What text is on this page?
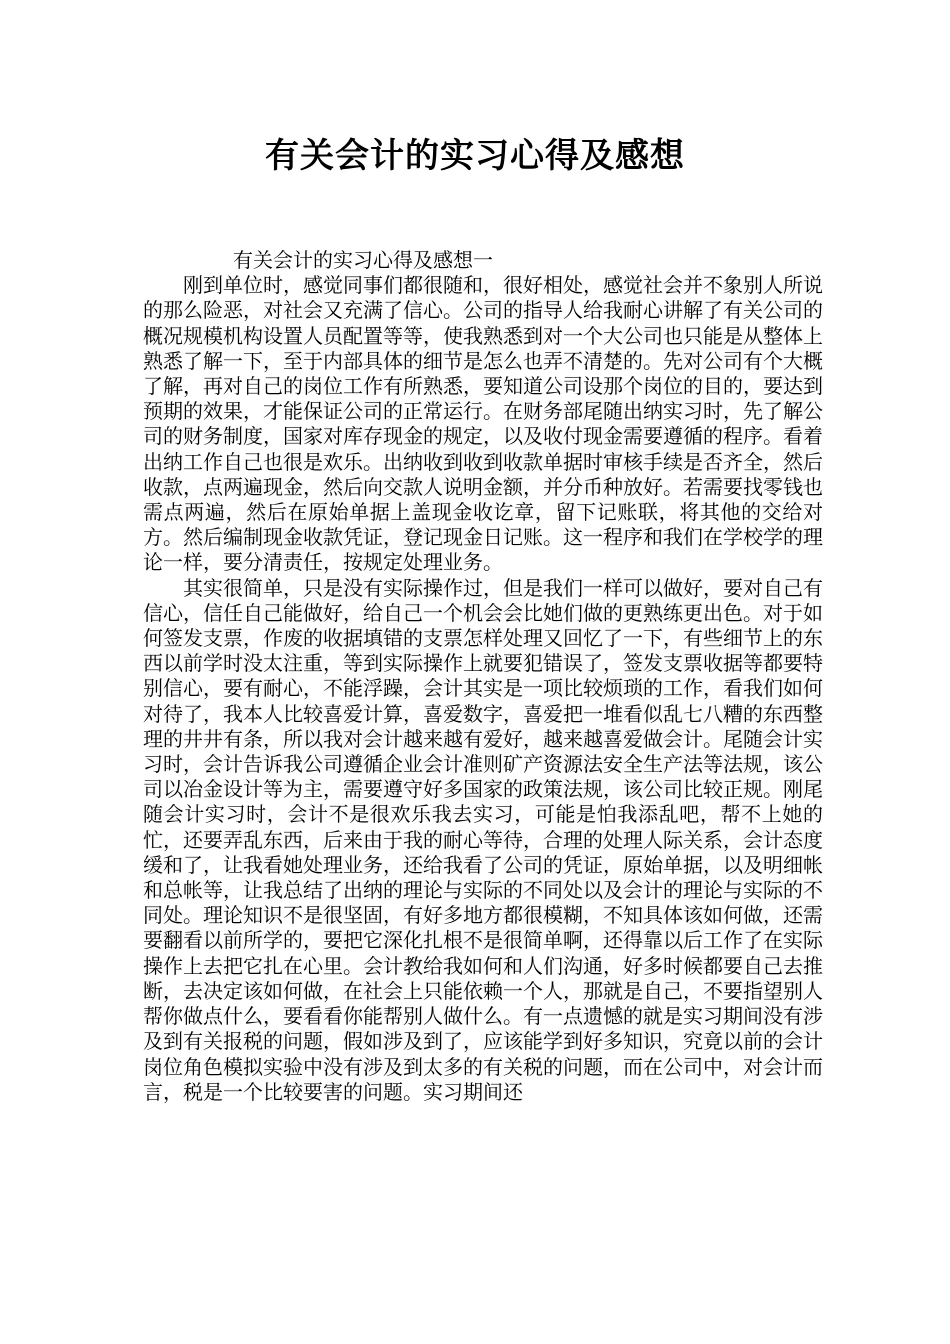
有关会计的实习心得及感想

有关会计的实习心得及感想一

刚到单位时，感觉同事们都很随和，很好相处，感觉社会并不象别人所说的那么险恶，对社会又充满了信心。公司的指导人给我耐心讲解了有关公司的概况规模机构设置人员配置等等，使我熟悉到对一个大公司也只能是从整体上熟悉了解一下，至于内部具体的细节是怎么也弄不清楚的。先对公司有个大概了解，再对自己的岗位工作有所熟悉，要知道公司设那个岗位的目的，要达到预期的效果，才能保证公司的正常运行。在财务部尾随出纳实习时，先了解公司的财务制度，国家对库存现金的规定，以及收付现金需要遵循的程序。看着出纳工作自己也很是欢乐。出纳收到收到收款单据时审核手续是否齐全，然后收款，点两遍现金，然后向交款人说明金额，并分币种放好。若需要找零钱也需点两遍，然后在原始单据上盖现金收讫章，留下记账联，将其他的交给对方。然后编制现金收款凭证，登记现金日记账。这一程序和我们在学校学的理论一样，要分清责任，按规定处理业务。

其实很简单，只是没有实际操作过，但是我们一样可以做好，要对自己有信心，信任自己能做好，给自己一个机会会比她们做的更熟练更出色。对于如何签发支票，作废的收据填错的支票怎样处理又回忆了一下，有些细节上的东西以前学时没太注重，等到实际操作上就要犯错误了，签发支票收据等都要特别信心，要有耐心，不能浮躁，会计其实是一项比较烦琐的工作，看我们如何对待了，我本人比较喜爱计算，喜爱数字，喜爱把一堆看似乱七八糟的东西整理的井井有条，所以我对会计越来越有爱好，越来越喜爱做会计。尾随会计实习时，会计告诉我公司遵循企业会计准则矿产资源法安全生产法等法规，该公司以冶金设计等为主，需要遵守好多国家的政策法规，该公司比较正规。刚尾随会计实习时，会计不是很欢乐我去实习，可能是怕我添乱吧，帮不上她的忙，还要弄乱东西，后来由于我的耐心等待，合理的处理人际关系，会计态度缓和了，让我看她处理业务，还给我看了公司的凭证，原始单据，以及明细帐和总帐等，让我总结了出纳的理论与实际的不同处以及会计的理论与实际的不同处。理论知识不是很坚固，有好多地方都很模糊，不知具体该如何做，还需要翻看以前所学的，要把它深化扎根不是很简单啊，还得靠以后工作了在实际操作上去把它扎在心里。会计教给我如何和人们沟通，好多时候都要自己去推断，去决定该如何做，在社会上只能依赖一个人，那就是自己，不要指望别人帮你做点什么，要看看你能帮别人做什么。有一点遗憾的就是实习期间没有涉及到有关报税的问题，假如涉及到了，应该能学到好多知识，究竟以前的会计岗位角色模拟实验中没有涉及到太多的有关税的问题，而在公司中，对会计而言，税是一个比较要害的问题。实习期间还
